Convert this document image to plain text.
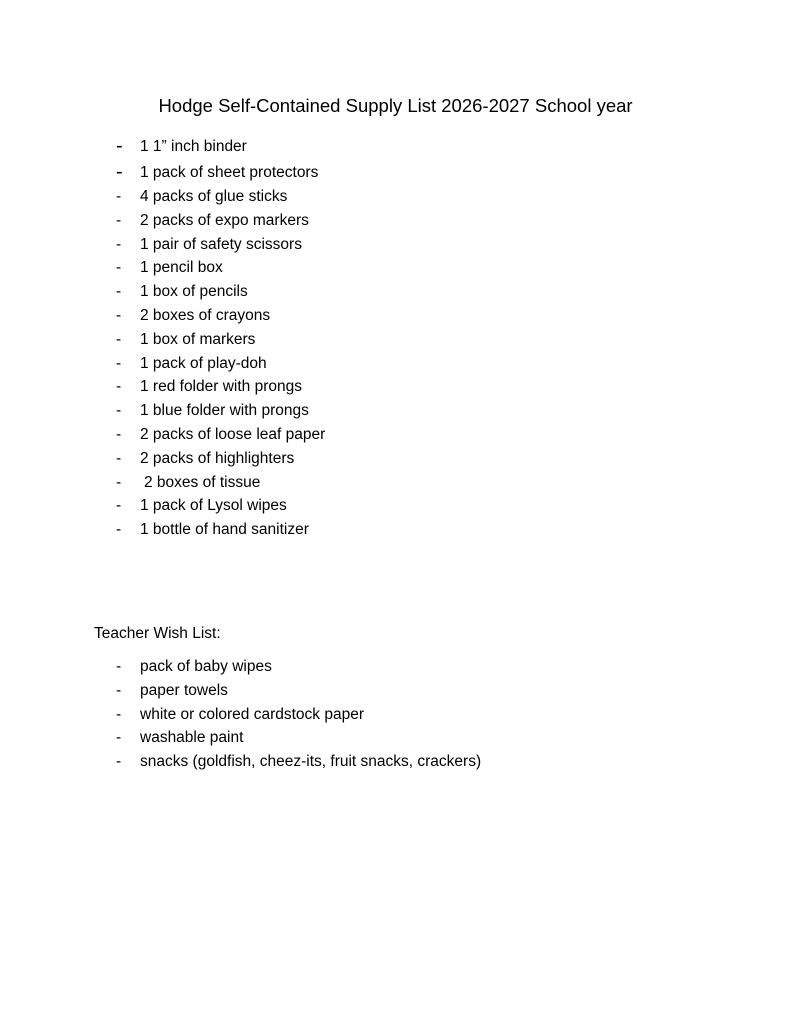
Hodge Self-Contained Supply List 2026-2027 School year
- 1 1” inch binder
- 1 pack of sheet protectors
- 4 packs of glue sticks
- 2 packs of expo markers
- 1 pair of safety scissors
- 1 pencil box
- 1 box of pencils
- 2 boxes of crayons
- 1 box of markers
- 1 pack of play-doh
- 1 red folder with prongs
- 1 blue folder with prongs
- 2 packs of loose leaf paper
- 2 packs of highlighters
- 2 boxes of tissue
- 1 pack of Lysol wipes
- 1 bottle of hand sanitizer
Teacher Wish List:
- pack of baby wipes
- paper towels
- white or colored cardstock paper
- washable paint
- snacks (goldfish, cheez-its, fruit snacks, crackers)
